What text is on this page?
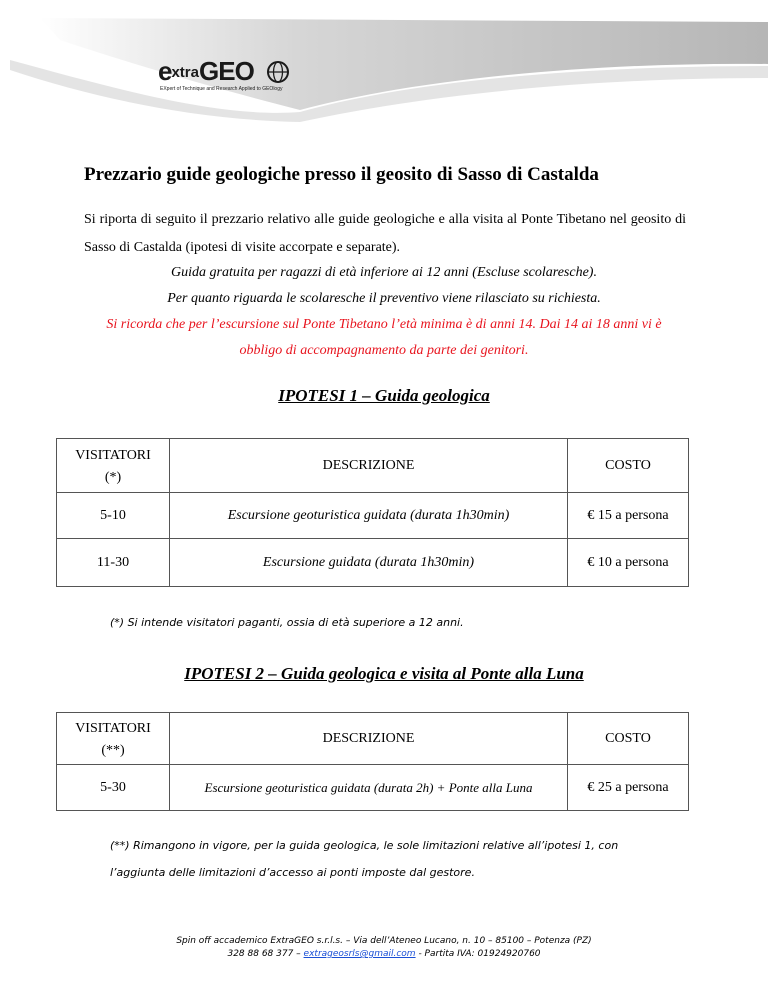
extraGEO
EXpert of Technique and Research Applied to GEOlogy
Prezzario guide geologiche presso il geosito di Sasso di Castalda

Si riporta di seguito il prezzario relativo alle guide geologiche e alla visita al Ponte Tibetano nel geosito di Sasso di Castalda (ipotesi di visite accorpate e separate).

Guida gratuita per ragazzi di età inferiore ai 12 anni (Escluse scolaresche).
Per quanto riguarda le scolaresche il preventivo viene rilasciato su richiesta.
Si ricorda che per l’escursione sul Ponte Tibetano l’età minima è di anni 14. Dai 14 ai 18 anni vi è
obbligo di accompagnamento da parte dei genitori.
IPOTESI 1 – Guida geologica
VISITATORI
(*)	DESCRIZIONE	COSTO
5-10	Escursione geoturistica guidata (durata 1h30min)	€ 15 a persona
11-30	Escursione guidata (durata 1h30min)	€ 10 a persona

(*) Si intende visitatori paganti, ossia di età superiore a 12 anni.

IPOTESI 2 – Guida geologica e visita al Ponte alla Luna
VISITATORI
(**)	DESCRIZIONE	COSTO
5-30	Escursione geoturistica guidata (durata 2h) + Ponte alla Luna	€ 25 a persona
(**) Rimangono in vigore, per la guida geologica, le sole limitazioni relative all’ipotesi 1, con
l’aggiunta delle limitazioni d’accesso ai ponti imposte dal gestore.
Spin off accademico ExtraGEO s.r.l.s. – Via dell’Ateneo Lucano, n. 10 – 85100 – Potenza (PZ)
328 88 68 377 – extrageosrls@gmail.com - Partita IVA: 01924920760
